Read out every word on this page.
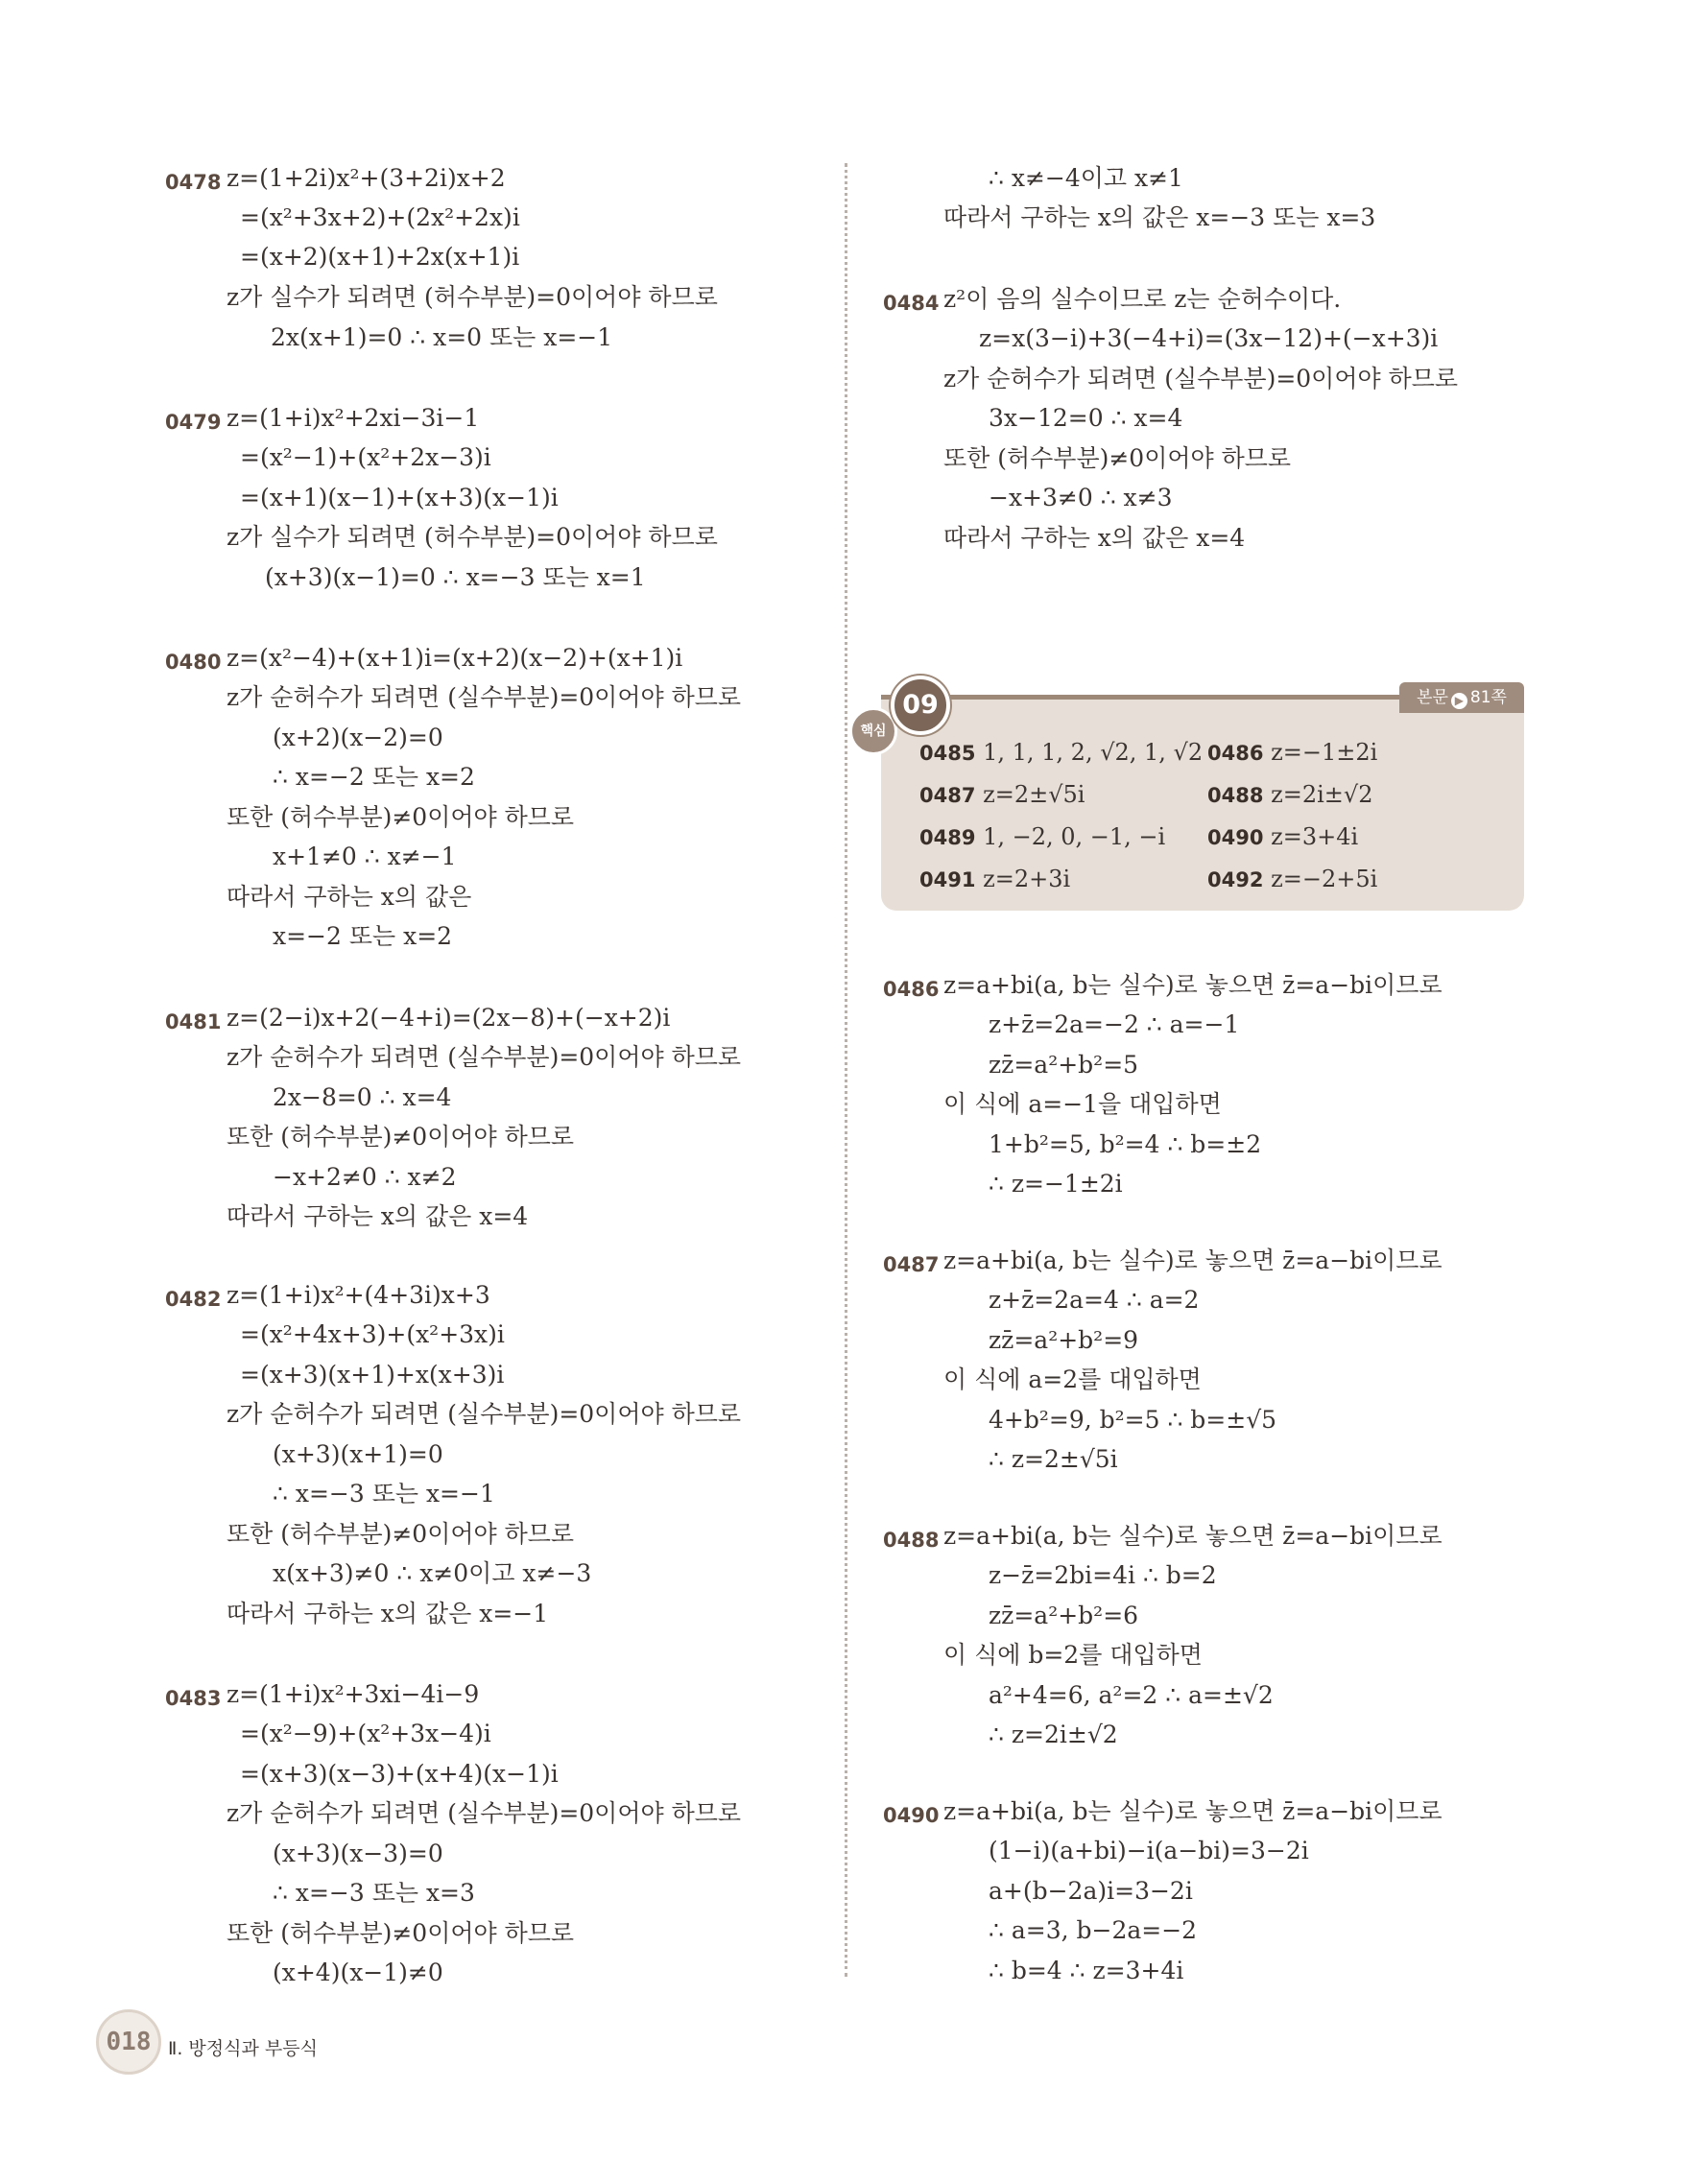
0478 z=(1+2i)x²+(3+2i)x+2
=(x²+3x+2)+(2x²+2x)i
=(x+2)(x+1)+2x(x+1)i
z가 실수가 되려면 (허수부분)=0이어야 하므로
2x(x+1)=0 ∴ x=0 또는 x=−1
0479 z=(1+i)x²+2xi−3i−1
=(x²−1)+(x²+2x−3)i
=(x+1)(x−1)+(x+3)(x−1)i
z가 실수가 되려면 (허수부분)=0이어야 하므로
(x+3)(x−1)=0 ∴ x=−3 또는 x=1
0480 z=(x²−4)+(x+1)i=(x+2)(x−2)+(x+1)i
z가 순허수가 되려면 (실수부분)=0이어야 하므로
(x+2)(x−2)=0
∴ x=−2 또는 x=2
또한 (허수부분)≠0이어야 하므로
x+1≠0 ∴ x≠−1
따라서 구하는 x의 값은
x=−2 또는 x=2
0481 z=(2−i)x+2(−4+i)=(2x−8)+(−x+2)i
z가 순허수가 되려면 (실수부분)=0이어야 하므로
2x−8=0 ∴ x=4
또한 (허수부분)≠0이어야 하므로
−x+2≠0 ∴ x≠2
따라서 구하는 x의 값은 x=4
0482 z=(1+i)x²+(4+3i)x+3
=(x²+4x+3)+(x²+3x)i
=(x+3)(x+1)+x(x+3)i
z가 순허수가 되려면 (실수부분)=0이어야 하므로
(x+3)(x+1)=0
∴ x=−3 또는 x=−1
또한 (허수부분)≠0이어야 하므로
x(x+3)≠0 ∴ x≠0이고 x≠−3
따라서 구하는 x의 값은 x=−1
0483 z=(1+i)x²+3xi−4i−9
=(x²−9)+(x²+3x−4)i
=(x+3)(x−3)+(x+4)(x−1)i
z가 순허수가 되려면 (실수부분)=0이어야 하므로
(x+3)(x−3)=0
∴ x=−3 또는 x=3
또한 (허수부분)≠0이어야 하므로
(x+4)(x−1)≠0
∴ x≠−4이고 x≠1
따라서 구하는 x의 값은 x=−3 또는 x=3
0484 z²이 음의 실수이므로 z는 순허수이다.
z=x(3−i)+3(−4+i)=(3x−12)+(−x+3)i
z가 순허수가 되려면 (실수부분)=0이어야 하므로
3x−12=0 ∴ x=4
또한 (허수부분)≠0이어야 하므로
−x+3≠0 ∴ x≠3
따라서 구하는 x의 값은 x=4
핵심
09	본문 ▶ 81쪽
0485 1, 1, 1, 2, √2, 1, √2 0486 z=−1±2i
0487 z=2±√5i	0488 z=2i±√2
0489 1, −2, 0, −1, −i 0490 z=3+4i
0491 z=2+3i	0492 z=−2+5i
0486 z=a+bi(a, b는 실수)로 놓으면 z̄=a−bi이므로
z+z̄=2a=−2 ∴ a=−1
zz̄=a²+b²=5
이 식에 a=−1을 대입하면
1+b²=5, b²=4 ∴ b=±2
∴ z=−1±2i
0487 z=a+bi(a, b는 실수)로 놓으면 z̄=a−bi이므로
z+z̄=2a=4 ∴ a=2
zz̄=a²+b²=9
이 식에 a=2를 대입하면
4+b²=9, b²=5 ∴ b=±√5
∴ z=2±√5i
0488 z=a+bi(a, b는 실수)로 놓으면 z̄=a−bi이므로
z−z̄=2bi=4i ∴ b=2
zz̄=a²+b²=6
이 식에 b=2를 대입하면
a²+4=6, a²=2 ∴ a=±√2
∴ z=2i±√2
0490 z=a+bi(a, b는 실수)로 놓으면 z̄=a−bi이므로
(1−i)(a+bi)−i(a−bi)=3−2i
a+(b−2a)i=3−2i
∴ a=3, b−2a=−2
∴ b=4 ∴ z=3+4i
018 Ⅱ. 방정식과 부등식
